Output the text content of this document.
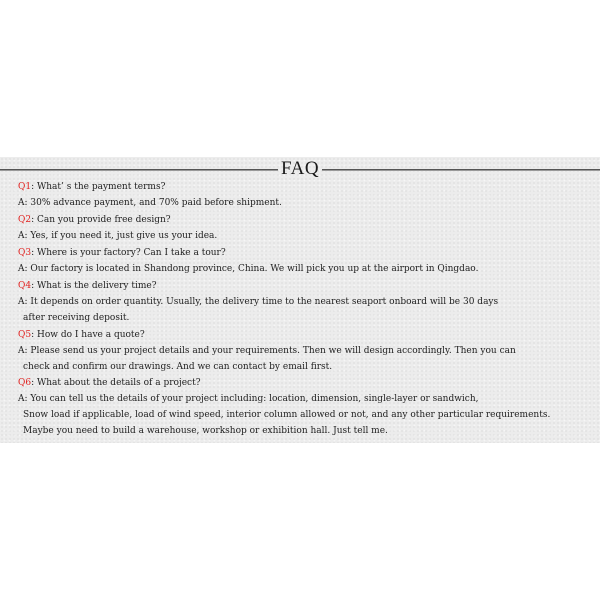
FAQ

Q1: What’ s the payment terms?

A: 30% advance payment, and 70% paid before shipment.

Q2: Can you provide free design?

A: Yes, if you need it, just give us your idea.

Q3: Where is your factory? Can I take a tour?

A: Our factory is located in Shandong province, China. We will pick you up at the airport in Qingdao.

Q4: What is the delivery time?

A: It depends on order quantity. Usually, the delivery time to the nearest seaport onboard will be 30 days

after receiving deposit.

Q5: How do I have a quote?

A: Please send us your project details and your requirements. Then we will design accordingly. Then you can

check and confirm our drawings. And we can contact by email first.

Q6: What about the details of a project?

A: You can tell us the details of your project including: location, dimension, single-layer or sandwich,

Snow load if applicable, load of wind speed, interior column allowed or not, and any other particular requirements.

Maybe you need to build a warehouse, workshop or exhibition hall. Just tell me.
